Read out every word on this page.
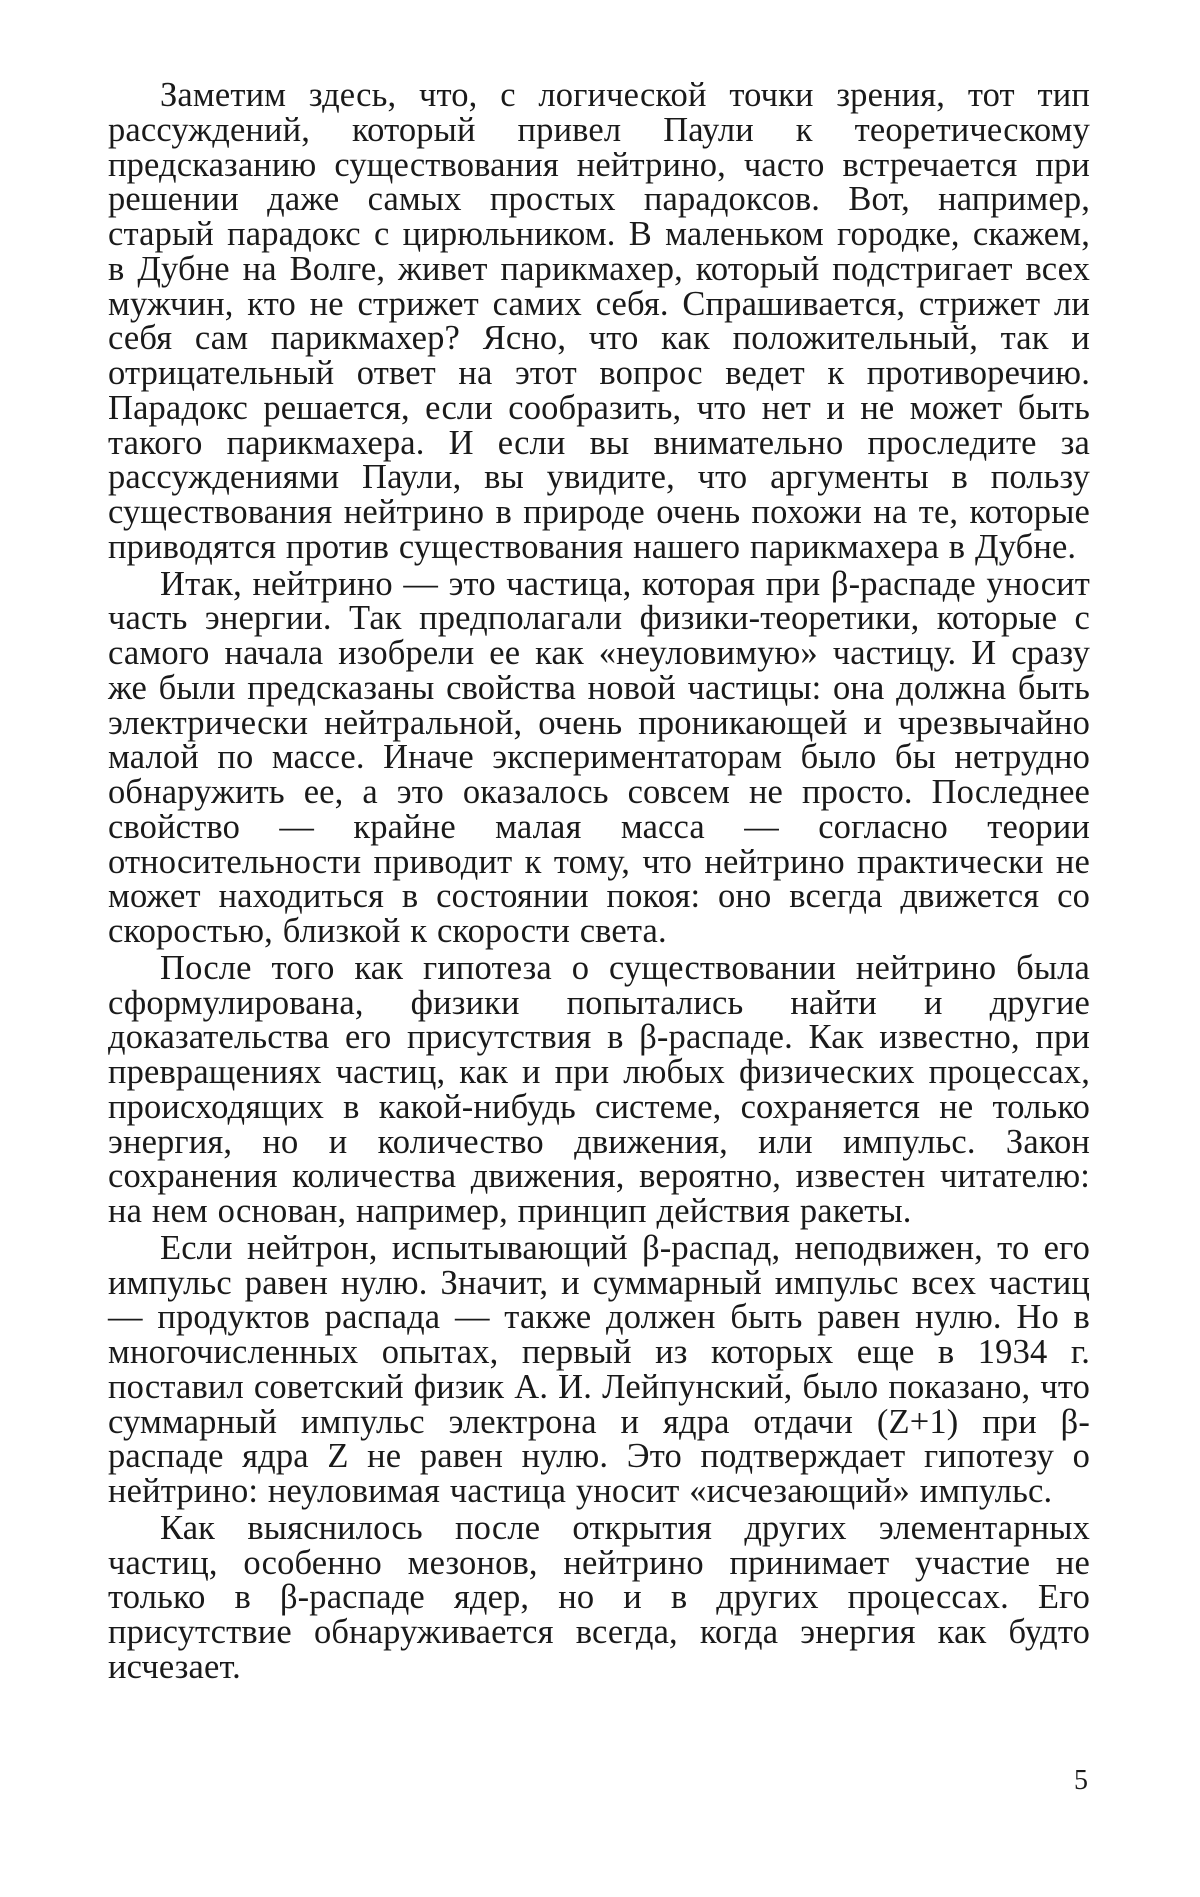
Заметим здесь, что, с логической точки зрения, тот тип рассуждений, который привел Паули к теоретическому предсказанию существования нейтрино, часто встречается при решении даже самых простых парадоксов. Вот, например, старый парадокс с цирюльником. В маленьком городке, скажем, в Дубне на Волге, живет парикмахер, который подстригает всех мужчин, кто не стрижет самих себя. Спрашивается, стрижет ли себя сам парикмахер? Ясно, что как положительный, так и отрицательный ответ на этот вопрос ведет к противоречию. Парадокс решается, если сообразить, что нет и не может быть такого парикмахера. И если вы внимательно проследите за рассуждениями Паули, вы увидите, что аргументы в пользу существования нейтрино в природе очень похожи на те, которые приводятся против существования нашего парикмахера в Дубне.

Итак, нейтрино — это частица, которая при β-распаде уносит часть энергии. Так предполагали физики-теоретики, которые с самого начала изобрели ее как «неуловимую» частицу. И сразу же были предсказаны свойства новой частицы: она должна быть электрически нейтральной, очень проникающей и чрезвычайно малой по массе. Иначе экспериментаторам было бы нетрудно обнаружить ее, а это оказалось совсем не просто. Последнее свойство — крайне малая масса — согласно теории относительности приводит к тому, что нейтрино практически не может находиться в состоянии покоя: оно всегда движется со скоростью, близкой к скорости света.

После того как гипотеза о существовании нейтрино была сформулирована, физики попытались найти и другие доказательства его присутствия в β-распаде. Как известно, при превращениях частиц, как и при любых физических процессах, происходящих в какой-нибудь системе, сохраняется не только энергия, но и количество движения, или импульс. Закон сохранения количества движения, вероятно, известен читателю: на нем основан, например, принцип действия ракеты.

Если нейтрон, испытывающий β-распад, неподвижен, то его импульс равен нулю. Значит, и суммарный импульс всех частиц — продуктов распада — также должен быть равен нулю. Но в многочисленных опытах, первый из которых еще в 1934 г. поставил советский физик А. И. Лейпунский, было показано, что суммарный импульс электрона и ядра отдачи (Z+1) при β-распаде ядра Z не равен нулю. Это подтверждает гипотезу о нейтрино: неуловимая частица уносит «исчезающий» импульс.

Как выяснилось после открытия других элементарных частиц, особенно мезонов, нейтрино принимает участие не только в β-распаде ядер, но и в других процессах. Его присутствие обнаруживается всегда, когда энергия как будто исчезает.

5
